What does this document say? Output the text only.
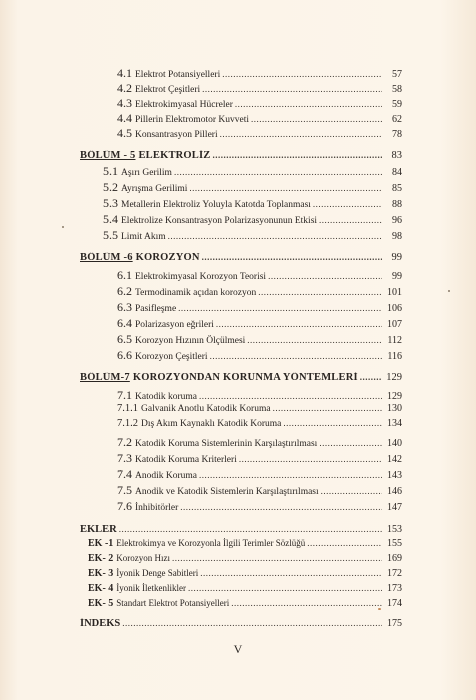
4.1 Elektrot Potansiyelleri .....	57
4.2 Elektrot Çeşitleri .....	58
4.3 Elektrokimyasal Hücreler .....	59
4.4 Pillerin Elektromotor Kuvveti .....	62
4.5 Konsantrasyon Pilleri .....	78
BÖLÜM - 5 ELEKTROLİZ .....	83
5.1 Aşırı Gerilim .....	84
5.2 Ayrışma Gerilimi .....	85
5.3 Metallerin Elektroliz Yoluyla Katotda Toplanması .....	88
5.4 Elektrolize Konsantrasyon Polarizasyonunun Etkisi .....	96
5.5 Limit Akım .....	98
BÖLÜM -6 KOROZYON .....	99
6.1 Elektrokimyasal Korozyon Teorisi .....	99
6.2 Termodinamik açıdan korozyon .....	101
6.3 Pasifleşme .....	106
6.4 Polarizasyon eğrileri .....	107
6.5 Korozyon Hızının Ölçülmesi .....	112
6.6 Korozyon Çeşitleri .....	116
BÖLÜM-7 KOROZYONDAN KORUNMA YÖNTEMLERİ .....	129
7.1 Katodik koruma .....	129
7.1.1 Galvanik Anotlu Katodik Koruma .....	130
7.1.2 Dış Akım Kaynaklı Katodik Koruma .....	134
7.2 Katodik Koruma Sistemlerinin Karşılaştırılması .....	140
7.3 Katodik Koruma Kriterleri .....	142
7.4 Anodik Koruma .....	143
7.5 Anodik ve Katodik Sistemlerin Karşılaştırılması .....	146
7.6 İnhibitörler .....	147
EKLER .....	153
EK -1 Elektrokimya ve Korozyonla İlgili Terimler Sözlüğü .....	155
EK- 2 Korozyon Hızı .....	169
EK- 3 İyonik Denge Sabitleri .....	172
EK- 4 İyonik İletkenlikler .....	173
EK- 5 Standart Elektrot Potansiyelleri .....	174
İNDEKS .....	175
V
